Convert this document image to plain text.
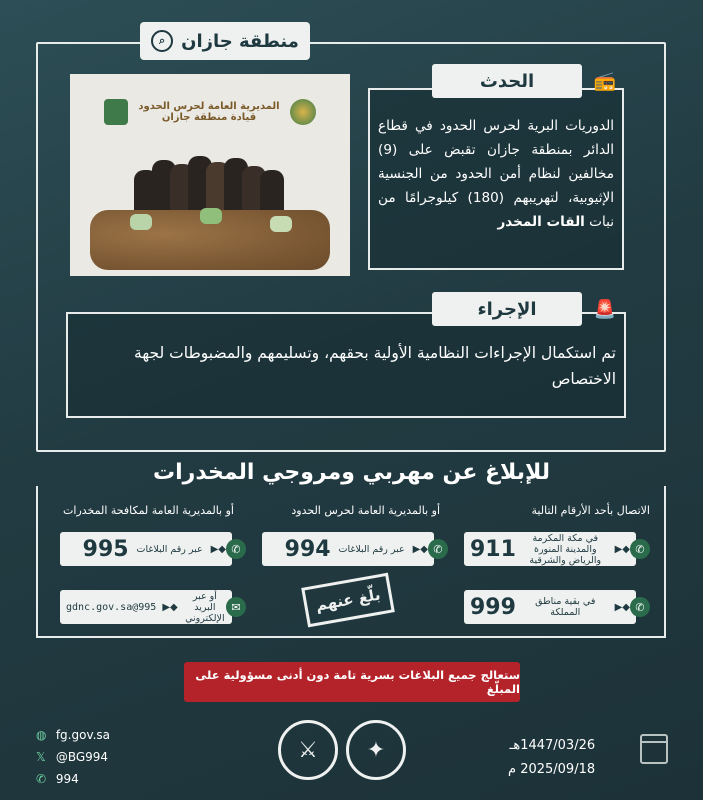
منطقة جازان
⌕
المديرية العامة لحرس الحدود
قيادة منطقة جازان
الحدث	📻
الدوريات البرية لحرس الحدود في قطاع الدائر بمنطقة جازان تقبض على (9) مخالفين لنظام أمن الحدود من الجنسية الإثيوبية، لتهريبهم (180) كيلوجرامًا من نبات القات المخدر
الإجراء	🚨
تم استكمال الإجراءات النظامية الأولية بحقهم، وتسليمهم والمضبوطات لجهة الاختصاص
للإبلاغ عن مهربي ومروجي المخدرات
الاتصال بأحد الأرقام التالية
أو بالمديرية العامة لحرس الحدود
أو بالمديرية العامة لمكافحة المخدرات
◆▶
في مكة المكرمة والمدينة المنورة والرياض والشرقية
911	✆
◆▶
في بقية مناطق المملكة
999	✆
◆▶
عبر رقم البلاغات
994	✆
◆▶
عبر رقم البلاغات
995	✆
أو عبر البريد الإلكتروني
◆▶
995@gdnc.gov.sa	✉	بلّغ عنهم
ستعالج جميع البلاغات بسرية تامة دون أدنى مسؤولية على المبلّغ
◍ fg.gov.sa
𝕏 @BG994
✆ 994
⚔	✦	1447/03/26هـ
2025/09/18 م
